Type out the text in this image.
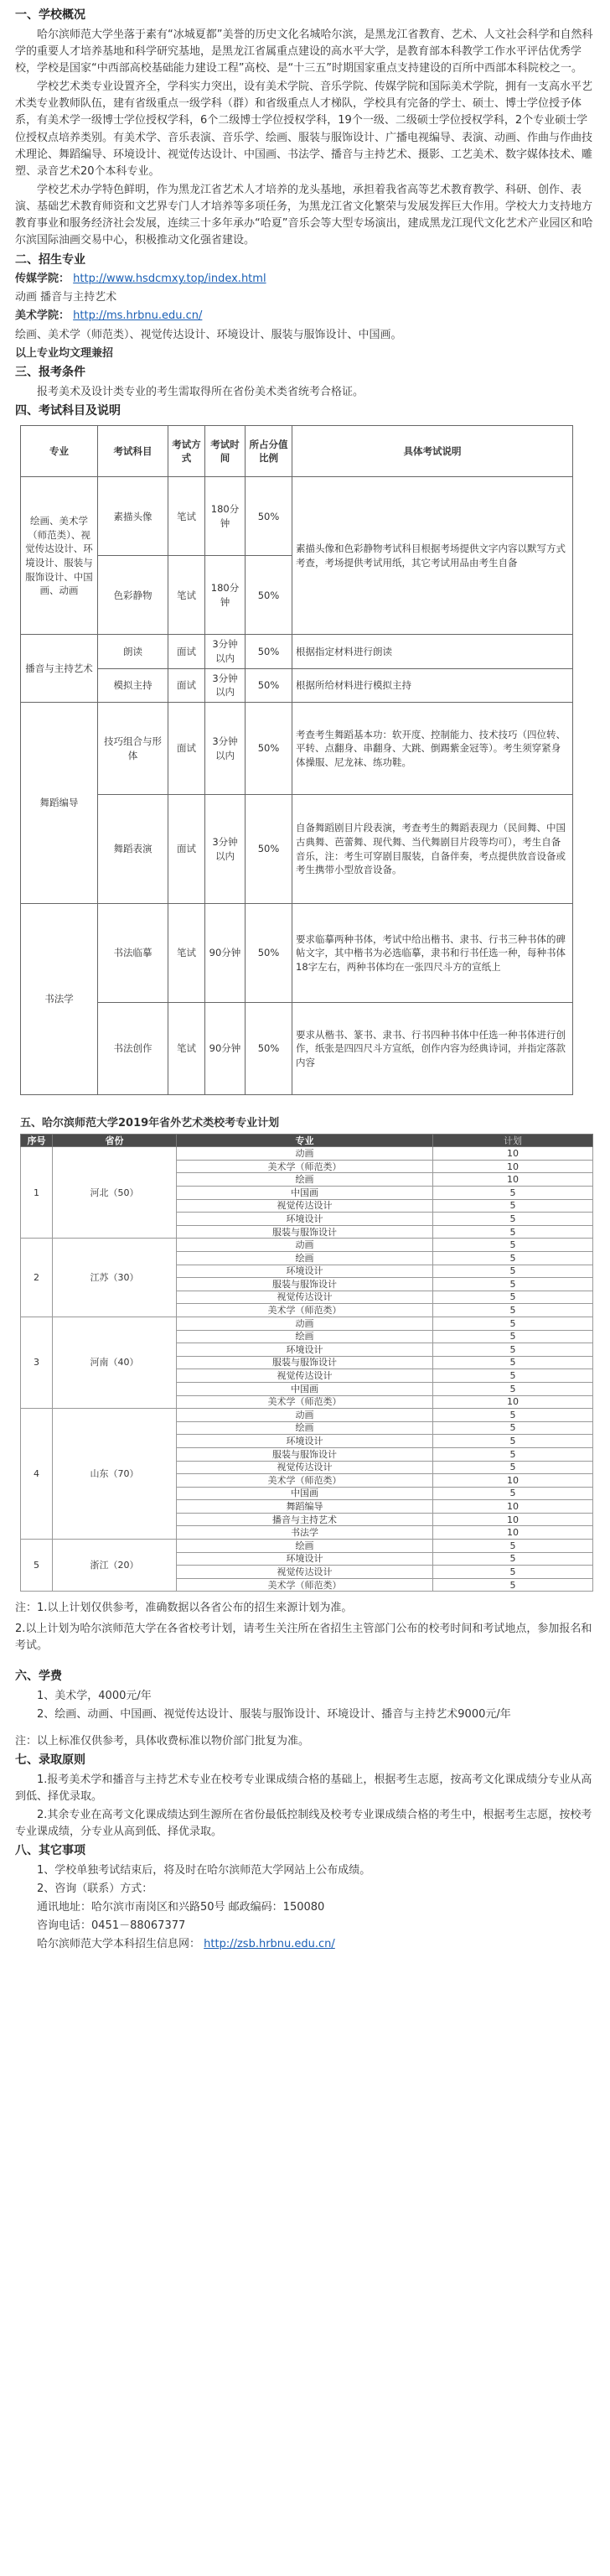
一、学校概况

哈尔滨师范大学坐落于素有“冰城夏都”美誉的历史文化名城哈尔滨，是黑龙江省教育、艺术、人文社会科学和自然科学的重要人才培养基地和科学研究基地，是黑龙江省属重点建设的高水平大学，是教育部本科教学工作水平评估优秀学校，学校是国家“中西部高校基础能力建设工程”高校、是“十三五”时期国家重点支持建设的百所中西部本科院校之一。

学校艺术类专业设置齐全，学科实力突出，设有美术学院、音乐学院、传媒学院和国际美术学院，拥有一支高水平艺术类专业教师队伍，建有省级重点一级学科（群）和省级重点人才梯队，学校具有完备的学士、硕士、博士学位授予体系，有美术学一级博士学位授权学科，6个二级博士学位授权学科，19个一级、二级硕士学位授权学科，2个专业硕士学位授权点培养类别。有美术学、音乐表演、音乐学、绘画、服装与服饰设计、广播电视编导、表演、动画、作曲与作曲技术理论、舞蹈编导、环境设计、视觉传达设计、中国画、书法学、播音与主持艺术、摄影、工艺美术、数字媒体技术、雕塑、录音艺术20个本科专业。

学校艺术办学特色鲜明，作为黑龙江省艺术人才培养的龙头基地，承担着我省高等艺术教育教学、科研、创作、表演、基础艺术教育师资和文艺界专门人才培养等多项任务，为黑龙江省文化繁荣与发展发挥巨大作用。学校大力支持地方教育事业和服务经济社会发展，连续三十多年承办“哈夏”音乐会等大型专场演出，建成黑龙江现代文化艺术产业园区和哈尔滨国际油画交易中心，积极推动文化强省建设。

二、招生专业

传媒学院： http://www.hsdcmxy.top/index.html

动画 播音与主持艺术

美术学院： http://ms.hrbnu.edu.cn/

绘画、美术学（师范类）、视觉传达设计、环境设计、服装与服饰设计、中国画。

以上专业均文理兼招

三、报考条件

报考美术及设计类专业的考生需取得所在省份美术类省统考合格证。

四、考试科目及说明
专业	考试科目	考试方式	考试时间	所占分值比例	具体考试说明
绘画、美术学（师范类）、视觉传达设计、环境设计、服装与服饰设计、中国画、动画	素描头像	笔试	180分钟	50%	素描头像和色彩静物考试科目根据考场提供文字内容以默写方式考查，考场提供考试用纸，其它考试用品由考生自备
	色彩静物	笔试	180分钟	50%	
播音与主持艺术	朗读	面试	3分钟以内	50%	根据指定材料进行朗读
	模拟主持	面试	3分钟以内	50%	根据所给材料进行模拟主持
舞蹈编导	技巧组合与形体	面试	3分钟以内	50%	考查考生舞蹈基本功：软开度、控制能力、技术技巧（四位转、平转、点翻身、串翻身、大跳、倒踢紫金冠等）。考生须穿紧身体操服、尼龙袜、练功鞋。
	舞蹈表演	面试	3分钟以内	50%	自备舞蹈剧目片段表演，考查考生的舞蹈表现力（民间舞、中国古典舞、芭蕾舞、现代舞、当代舞剧目片段等均可），考生自备音乐，注：考生可穿剧目服装，自备伴奏，考点提供放音设备或考生携带小型放音设备。
书法学	书法临摹	笔试	90分钟	50%	要求临摹两种书体，考试中给出楷书、隶书、行书三种书体的碑帖文字，其中楷书为必选临摹，隶书和行书任选一种，每种书体18字左右，两种书体均在一张四尺斗方的宣纸上
	书法创作	笔试	90分钟	50%	要求从楷书、篆书、隶书、行书四种书体中任选一种书体进行创作，纸张是四四尺斗方宣纸，创作内容为经典诗词，并指定落款内容
五、哈尔滨师范大学2019年省外艺术类校考专业计划
序号	省份	专业	计划
1	河北（50）	动画	10
		美术学（师范类）	10
		绘画	10
		中国画	5
		视觉传达设计	5
		环境设计	5
		服装与服饰设计	5
2	江苏（30）	动画	5
		绘画	5
		环境设计	5
		服装与服饰设计	5
		视觉传达设计	5
		美术学（师范类）	5
3	河南（40）	动画	5
		绘画	5
		环境设计	5
		服装与服饰设计	5
		视觉传达设计	5
		中国画	5
		美术学（师范类）	10
4	山东（70）	动画	5
		绘画	5
		环境设计	5
		服装与服饰设计	5
		视觉传达设计	5
		美术学（师范类）	10
		中国画	5
		舞蹈编导	10
		播音与主持艺术	10
		书法学	10
5	浙江（20）	绘画	5
		环境设计	5
		视觉传达设计	5
		美术学（师范类）	5

注：1.以上计划仅供参考，准确数据以各省公布的招生来源计划为准。

2.以上计划为哈尔滨师范大学在各省校考计划，请考生关注所在省招生主管部门公布的校考时间和考试地点，参加报名和考试。

六、学费

1、美术学，4000元/年

2、绘画、动画、中国画、视觉传达设计、服装与服饰设计、环境设计、播音与主持艺术9000元/年

注：以上标准仅供参考，具体收费标准以物价部门批复为准。

七、录取原则

1.报考美术学和播音与主持艺术专业在校考专业课成绩合格的基础上，根据考生志愿，按高考文化课成绩分专业从高到低、择优录取。

2.其余专业在高考文化课成绩达到生源所在省份最低控制线及校考专业课成绩合格的考生中，根据考生志愿，按校考专业课成绩，分专业从高到低、择优录取。

八、其它事项

1、学校单独考试结束后，将及时在哈尔滨师范大学网站上公布成绩。

2、咨询（联系）方式：

通讯地址：哈尔滨市南岗区和兴路50号 邮政编码：150080

咨询电话：0451－88067377

哈尔滨师范大学本科招生信息网： http://zsb.hrbnu.edu.cn/
